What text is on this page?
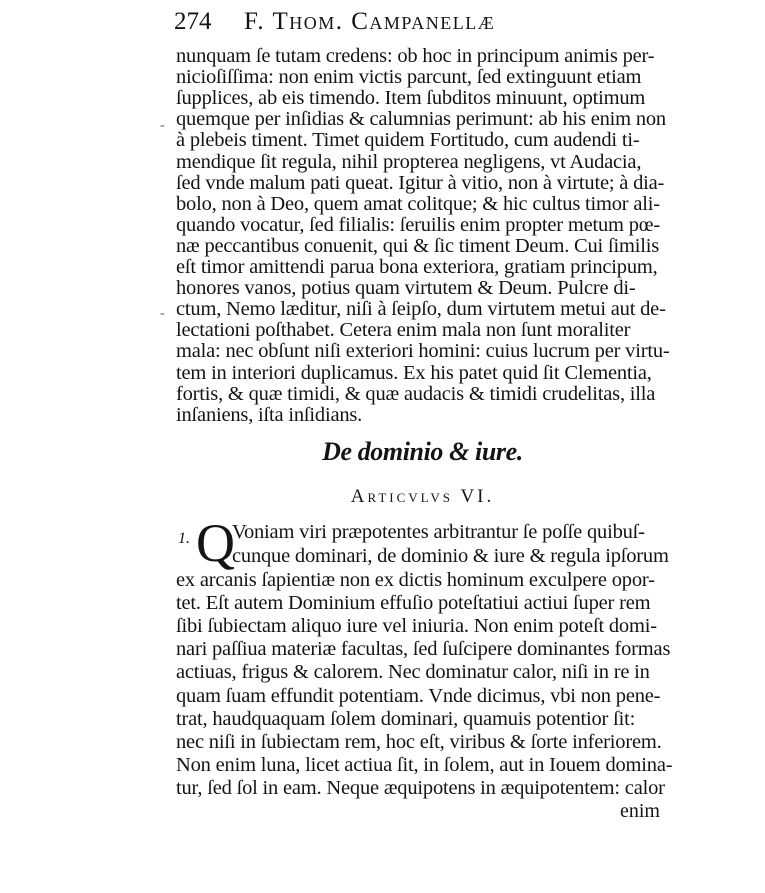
274 F. Thom. Campanellæ
nunquam ſe tutam credens: ob hoc in principum animis per-
nicioſiſſima: non enim victis parcunt, ſed extinguunt etiam
ſupplices, ab eis timendo. Item ſubditos minuunt, optimum
quemque per inſidias & calumnias perimunt: ab his enim non
à plebeis timent. Timet quidem Fortitudo, cum audendi ti-
mendique ſit regula, nihil propterea negligens, vt Audacia,
ſed vnde malum pati queat. Igitur à vitio, non à virtute; à dia-
bolo, non à Deo, quem amat colitque; & hic cultus timor ali-
quando vocatur, ſed filialis: ſeruilis enim propter metum pœ-
næ peccantibus conuenit, qui & ſic timent Deum. Cui ſimilis
eſt timor amittendi parua bona exteriora, gratiam principum,
honores vanos, potius quam virtutem & Deum. Pulcre di-
ctum, Nemo læditur, niſi à ſeipſo, dum virtutem metui aut de-
lectationi poſthabet. Cetera enim mala non ſunt moraliter
mala: nec obſunt niſi exteriori homini: cuius lucrum per virtu-
tem in interiori duplicamus. Ex his patet quid ſit Clementia,
fortis, & quæ timidi, & quæ audacis & timidi crudelitas, illa
inſaniens, iſta inſidians.
-
-
De dominio & iure.
Articvlvs VI.
1. Q
Voniam viri præpotentes arbitrantur ſe poſſe quibuſ-
cunque dominari, de dominio & iure & regula ipſorum
ex arcanis ſapientiæ non ex dictis hominum exculpere opor-
tet. Eſt autem Dominium effuſio poteſtatiui actiui ſuper rem
ſibi ſubiectam aliquo iure vel iniuria. Non enim poteſt domi-
nari paſſiua materiæ facultas, ſed ſuſcipere dominantes formas
actiuas, frigus & calorem. Nec dominatur calor, niſi in re in
quam ſuam effundit potentiam. Vnde dicimus, vbi non pene-
trat, haudquaquam ſolem dominari, quamuis potentior ſit:
nec niſi in ſubiectam rem, hoc eſt, viribus & ſorte inferiorem.
Non enim luna, licet actiua ſit, in ſolem, aut in Iouem domina-
tur, ſed ſol in eam. Neque æquipotens in æquipotentem: calor
enim
